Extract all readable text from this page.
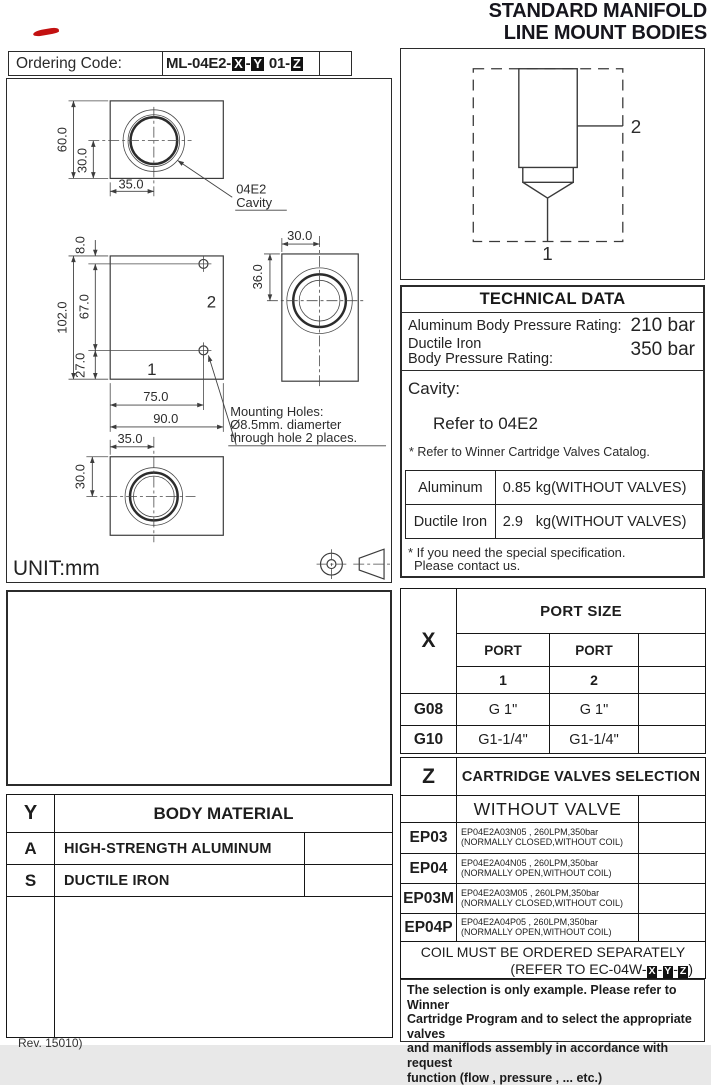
STANDARD MANIFOLD
LINE MOUNT BODIES
Ordering Code:	ML-04E2- X - Y 01- Z
60.0
30.0
35.0	04E2
Cavity
2
1
8.0
102.0 67.0
27.0
75.0
90.0	Mounting Holes:
Ø8.5mm. diamerter
through hole 2 places.
30.0
36.0
35.0
30.0
UNIT:mm
2
1
TECHNICAL DATA
Aluminum Body Pressure Rating: 210 bar
Ductile Iron
Body Pressure Rating:	350 bar
Cavity:
Refer to 04E2
* Refer to Winner Cartridge Valves Catalog.
Aluminum	0.85 kg(WITHOUT VALVES)
Ductile Iron	2.9 kg(WITHOUT VALVES)
* If you need the special specification.
Please contact us.
X	PORT SIZE		
	PORT	PORT	
	1	2	
G08	G 1"	G 1"	
G10	G1-1/4"	G1-1/4"	
Z	CARTRIDGE VALVES SELECTION	
	WITHOUT VALVE	
EP03	EP04E2A03N05 , 260LPM,350bar
(NORMALLY CLOSED,WITHOUT COIL)	

EP04	EP04E2A04N05 , 260LPM,350bar
(NORMALLY OPEN,WITHOUT COIL)	

EP03M	EP04E2A03M05 , 260LPM,350bar
(NORMALLY CLOSED,WITHOUT COIL)	

EP04P	EP04E2A04P05 , 260LPM,350bar
(NORMALLY OPEN,WITHOUT COIL)	

COIL MUST BE ORDERED SEPARATELY
(REFER TO EC-04W- X - Y - Z )		
Y	BODY MATERIAL	
A	HIGH-STRENGTH ALUMINUM	
S	DUCTILE IRON	

The selection is only example. Please refer to Winner
Cartridge Program and to select the appropriate valves
and maniflods assembly in accordance with request
function (flow ‚ pressure ‚ ... etc.)
Rev. 15010)
